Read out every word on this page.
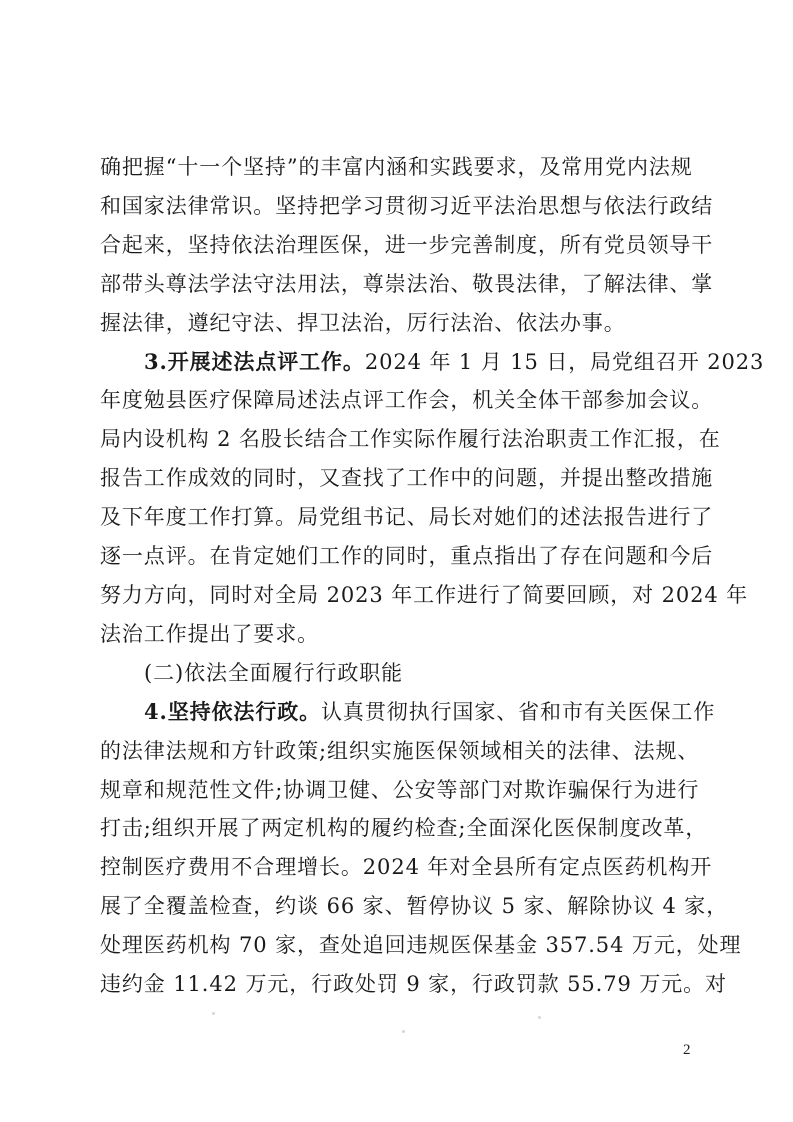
确把握“十一个坚持”的丰富内涵和实践要求，及常用党内法规
和国家法律常识。坚持把学习贯彻习近平法治思想与依法行政结
合起来，坚持依法治理医保，进一步完善制度，所有党员领导干
部带头尊法学法守法用法，尊崇法治、敬畏法律，了解法律、掌
握法律，遵纪守法、捍卫法治，厉行法治、依法办事。

3.开展述法点评工作。2024 年 1 月 15 日，局党组召开 2023
年度勉县医疗保障局述法点评工作会，机关全体干部参加会议。
局内设机构 2 名股长结合工作实际作履行法治职责工作汇报，在
报告工作成效的同时，又查找了工作中的问题，并提出整改措施
及下年度工作打算。局党组书记、局长对她们的述法报告进行了
逐一点评。在肯定她们工作的同时，重点指出了存在问题和今后
努力方向，同时对全局 2023 年工作进行了简要回顾，对 2024 年
法治工作提出了要求。

(二)依法全面履行行政职能

4.坚持依法行政。认真贯彻执行国家、省和市有关医保工作
的法律法规和方针政策;组织实施医保领域相关的法律、法规、
规章和规范性文件;协调卫健、公安等部门对欺诈骗保行为进行
打击;组织开展了两定机构的履约检查;全面深化医保制度改革，
控制医疗费用不合理增长。2024 年对全县所有定点医药机构开
展了全覆盖检查，约谈 66 家、暂停协议 5 家、解除协议 4 家，
处理医药机构 70 家，查处追回违规医保基金 357.54 万元，处理
违约金 11.42 万元，行政处罚 9 家，行政罚款 55.79 万元。对

2
